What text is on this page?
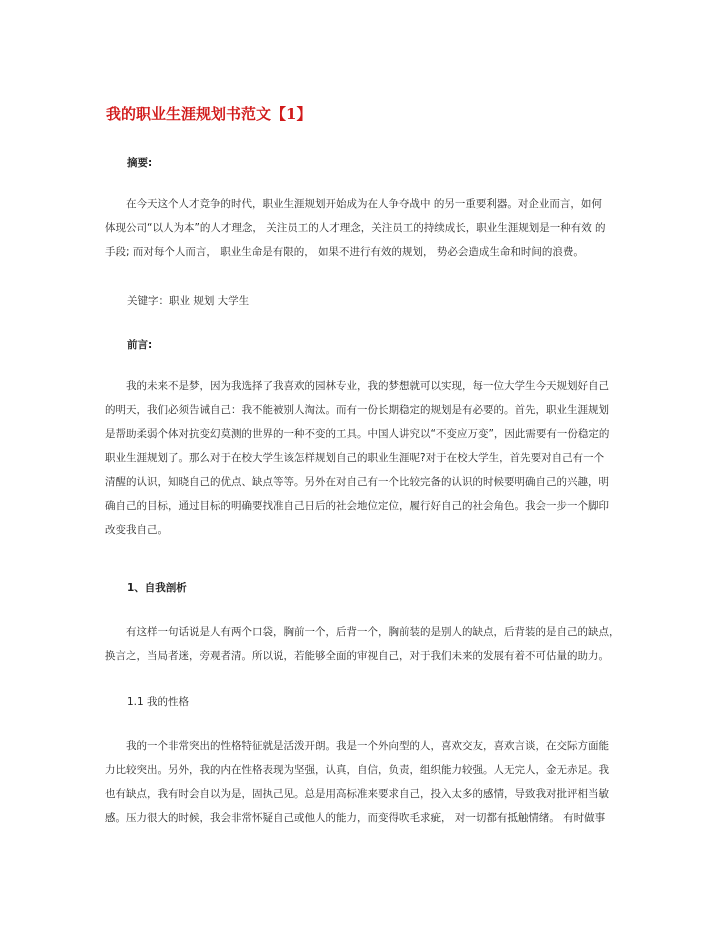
我的职业生涯规划书范文【1】
摘要:
在今天这个人才竞争的时代，职业生涯规划开始成为在人争夺战中 的另一重要利器。对企业而言，如何
体现公司“以人为本”的人才理念， 关注员工的人才理念，关注员工的持续成长，职业生涯规划是一种有效 的
手段; 而对每个人而言， 职业生命是有限的， 如果不进行有效的规划， 势必会造成生命和时间的浪费。
关键字：职业 规划 大学生
前言:
我的未来不是梦，因为我选择了我喜欢的园林专业，我的梦想就可以实现，每一位大学生今天规划好自己
的明天，我们必须告诫自己：我不能被别人淘汰。而有一份长期稳定的规划是有必要的。首先，职业生涯规划
是帮助柔弱个体对抗变幻莫测的世界的一种不变的工具。中国人讲究以“不变应万变”，因此需要有一份稳定的
职业生涯规划了。那么对于在校大学生该怎样规划自己的职业生涯呢?对于在校大学生，首先要对自己有一个
清醒的认识，知晓自己的优点、缺点等等。另外在对自己有一个比较完备的认识的时候要明确自己的兴趣，明
确自己的目标，通过目标的明确要找准自己日后的社会地位定位，履行好自己的社会角色。我会一步一个脚印
改变我自己。
1、自我剖析
有这样一句话说是人有两个口袋，胸前一个，后背一个，胸前装的是别人的缺点，后背装的是自己的缺点，
换言之，当局者迷，旁观者清。所以说，若能够全面的审视自己，对于我们未来的发展有着不可估量的助力。
1.1 我的性格
我的一个非常突出的性格特征就是活泼开朗。我是一个外向型的人，喜欢交友，喜欢言谈，在交际方面能
力比较突出。另外，我的内在性格表现为坚强，认真，自信，负责，组织能力较强。人无完人，金无赤足。我
也有缺点，我有时会自以为是，固执己见。总是用高标准来要求自己，投入太多的感情，导致我对批评相当敏
感。压力很大的时候，我会非常怀疑自己或他人的能力，而变得吹毛求疵， 对一切都有抵触情绪。 有时做事
